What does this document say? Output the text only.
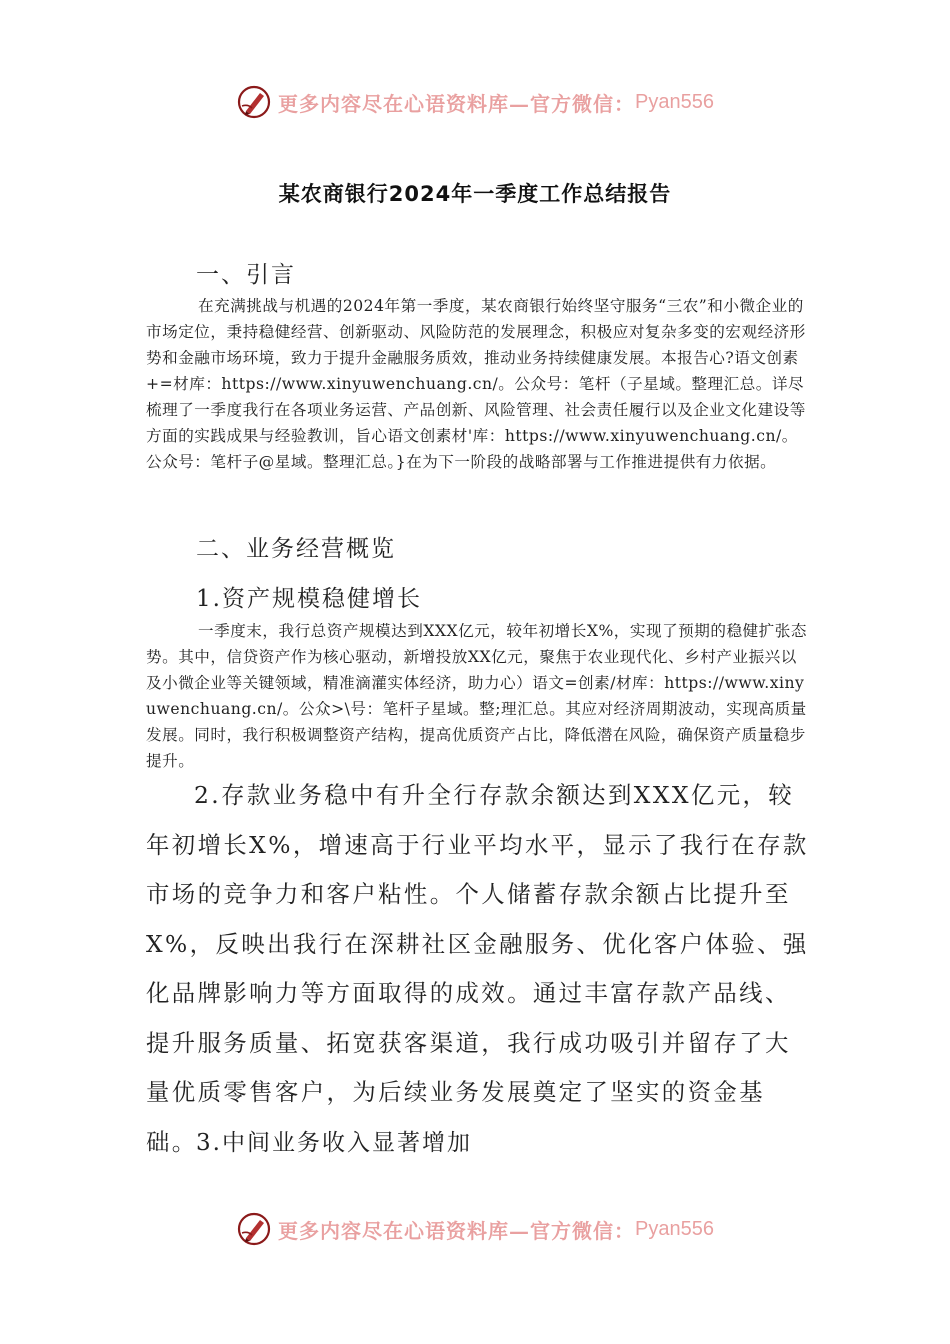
更多内容尽在心语资料库—官方微信： Pyan556
某农商银行2024年一季度工作总结报告
一、引言

在充满挑战与机遇的2024年第一季度，某农商银行始终坚守服务“三农”和小微企业的市场定位，秉持稳健经营、创新驱动、风险防范的发展理念，积极应对复杂多变的宏观经济形势和金融市场环境，致力于提升金融服务质效，推动业务持续健康发展。本报告心?语文创素+=材库：https://www.xinyuwenchuang.cn/。公众号：笔杆（子星域。整理汇总。详尽梳理了一季度我行在各项业务运营、产品创新、风险管理、社会责任履行以及企业文化建设等方面的实践成果与经验教训，旨心语文创素材'库：https://www.xinyuwenchuang.cn/。公众号：笔杆子@星域。整理汇总。}在为下一阶段的战略部署与工作推进提供有力依据。

二、业务经营概览
1.资产规模稳健增长

一季度末，我行总资产规模达到XXX亿元，较年初增长X%，实现了预期的稳健扩张态势。其中，信贷资产作为核心驱动，新增投放XX亿元，聚焦于农业现代化、乡村产业振兴以及小微企业等关键领域，精准滴灌实体经济，助力心）语文=创素/材库：https://www.xinyuwenchuang.cn/。公众>\号：笔杆子星域。整;理汇总。其应对经济周期波动，实现高质量发展。同时，我行积极调整资产结构，提高优质资产占比，降低潜在风险，确保资产质量稳步提升。

2.存款业务稳中有升全行存款余额达到XXX亿元，较年初增长X%，增速高于行业平均水平，显示了我行在存款市场的竞争力和客户粘性。个人储蓄存款余额占比提升至X%，反映出我行在深耕社区金融服务、优化客户体验、强化品牌影响力等方面取得的成效。通过丰富存款产品线、提升服务质量、拓宽获客渠道，我行成功吸引并留存了大量优质零售客户，为后续业务发展奠定了坚实的资金基础。

3.中间业务收入显著增加
更多内容尽在心语资料库—官方微信： Pyan556
